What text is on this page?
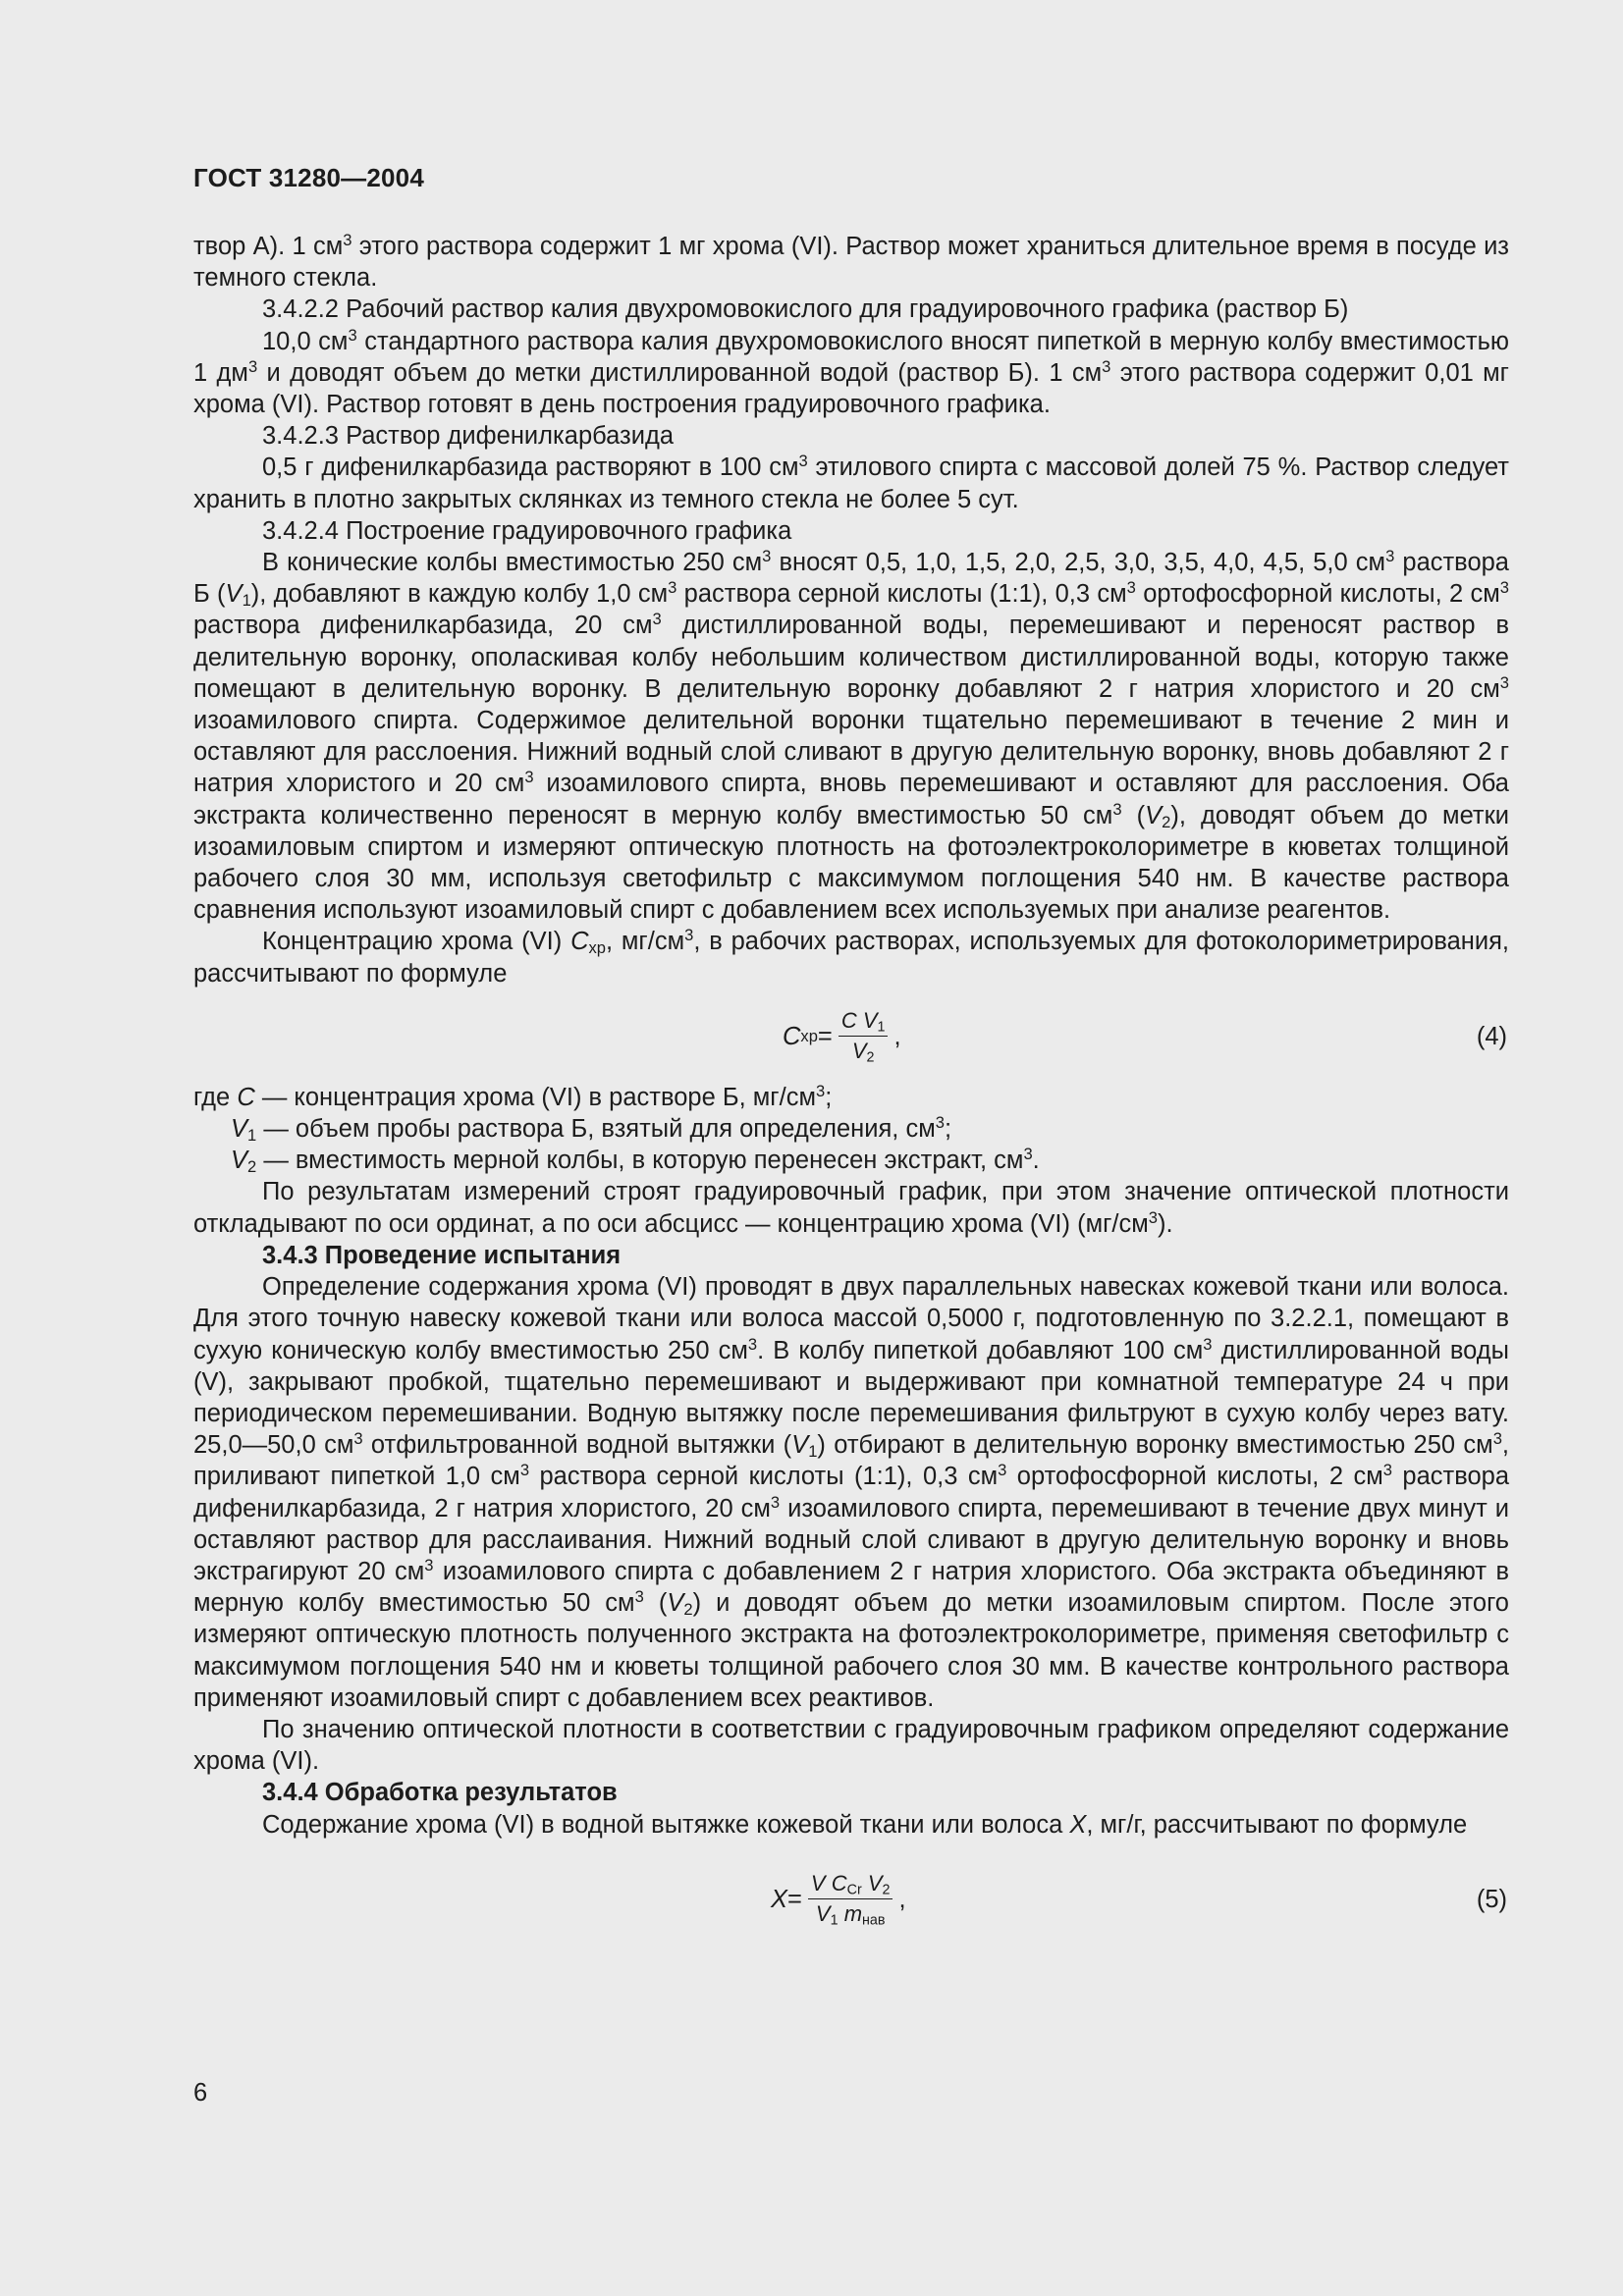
ГОСТ 31280—2004

твор А). 1 $см^3$ этого раствора содержит 1 мг хрома (VI). Раствор может храниться длительное время в посуде из темного стекла.

3.4.2.2 Рабочий раствор калия двухромовокислого для градуировочного графика (раствор Б)

10,0 $см^3$ стандартного раствора калия двухромовокислого вносят пипеткой в мерную колбу вместимостью 1 $дм^3$ и доводят объем до метки дистиллированной водой (раствор Б). 1 $см^3$ этого раствора содержит 0,01 мг хрома (VI). Раствор готовят в день построения градуировочного графика.

3.4.2.3 Раствор дифенилкарбазида

0,5 г дифенилкарбазида растворяют в 100 $см^3$ этилового спирта с массовой долей 75 %. Раствор следует хранить в плотно закрытых склянках из темного стекла не более 5 сут.

3.4.2.4 Построение градуировочного графика

В конические колбы вместимостью 250 $см^3$ вносят 0,5, 1,0, 1,5, 2,0, 2,5, 3,0, 3,5, 4,0, 4,5, 5,0 $см^3$ раствора Б $(V_1)$, добавляют в каждую колбу 1,0 $см^3$ раствора серной кислоты (1:1), 0,3 $см^3$ ортофосфорной кислоты, 2 $см^3$ раствора дифенилкарбазида, 20 $см^3$ дистиллированной воды, перемешивают и переносят раствор в делительную воронку, ополаскивая колбу небольшим количеством дистиллированной воды, которую также помещают в делительную воронку. В делительную воронку добавляют 2 г натрия хлористого и 20 $см^3$ изоамилового спирта. Содержимое делительной воронки тщательно перемешивают в течение 2 мин и оставляют для расслоения. Нижний водный слой сливают в другую делительную воронку, вновь добавляют 2 г натрия хлористого и 20 $см^3$ изоамилового спирта, вновь перемешивают и оставляют для расслоения. Оба экстракта количественно переносят в мерную колбу вместимостью 50 $см^3$ $(V_2)$, доводят объем до метки изоамиловым спиртом и измеряют оптическую плотность на фотоэлектроколориметре в кюветах толщиной рабочего слоя 30 мм, используя светофильтр с максимумом поглощения 540 нм. В качестве раствора сравнения используют изоамиловый спирт с добавлением всех используемых при анализе реагентов.

Концентрацию хрома (VI) $C_{хр}$, $мг/см^3$, в рабочих растворах, используемых для фотоколориметрирования, рассчитывают по формуле

C хр = $\frac{C V_1}{V_2}$ ,	(4)

где C — концентрация хрома (VI) в растворе Б, $мг/см^3$;

$V_1$ — объем пробы раствора Б, взятый для определения, $см^3$;

$V_2$ — вместимость мерной колбы, в которую перенесен экстракт, $см^3$.

По результатам измерений строят градуировочный график, при этом значение оптической плотности откладывают по оси ординат, а по оси абсцисс — концентрацию хрома (VI) $(мг/см^3)$.

3.4.3 Проведение испытания

Определение содержания хрома (VI) проводят в двух параллельных навесках кожевой ткани или волоса. Для этого точную навеску кожевой ткани или волоса массой 0,5000 г, подготовленную по 3.2.2.1, помещают в сухую коническую колбу вместимостью 250 $см^3$. В колбу пипеткой добавляют 100 $см^3$ дистиллированной воды (V), закрывают пробкой, тщательно перемешивают и выдерживают при комнатной температуре 24 ч при периодическом перемешивании. Водную вытяжку после перемешивания фильтруют в сухую колбу через вату. 25,0—50,0 $см^3$ отфильтрованной водной вытяжки $(V_1)$ отбирают в делительную воронку вместимостью 250 $см^3$, приливают пипеткой 1,0 $см^3$ раствора серной кислоты (1:1), 0,3 $см^3$ ортофосфорной кислоты, 2 $см^3$ раствора дифенилкарбазида, 2 г натрия хлористого, 20 $см^3$ изоамилового спирта, перемешивают в течение двух минут и оставляют раствор для расслаивания. Нижний водный слой сливают в другую делительную воронку и вновь экстрагируют 20 $см^3$ изоамилового спирта с добавлением 2 г натрия хлористого. Оба экстракта объединяют в мерную колбу вместимостью 50 $см^3$ $(V_2)$ и доводят объем до метки изоамиловым спиртом. После этого измеряют оптическую плотность полученного экстракта на фотоэлектроколориметре, применяя светофильтр с максимумом поглощения 540 нм и кюветы толщиной рабочего слоя 30 мм. В качестве контрольного раствора применяют изоамиловый спирт с добавлением всех реактивов.

По значению оптической плотности в соответствии с градуировочным графиком определяют содержание хрома (VI).

3.4.4 Обработка результатов

Содержание хрома (VI) в водной вытяжке кожевой ткани или волоса X, мг/г, рассчитывают по формуле

$X = \frac{V C_{Cr} V_2}{V_1 m_{нав}}$ ,	(5)
6
